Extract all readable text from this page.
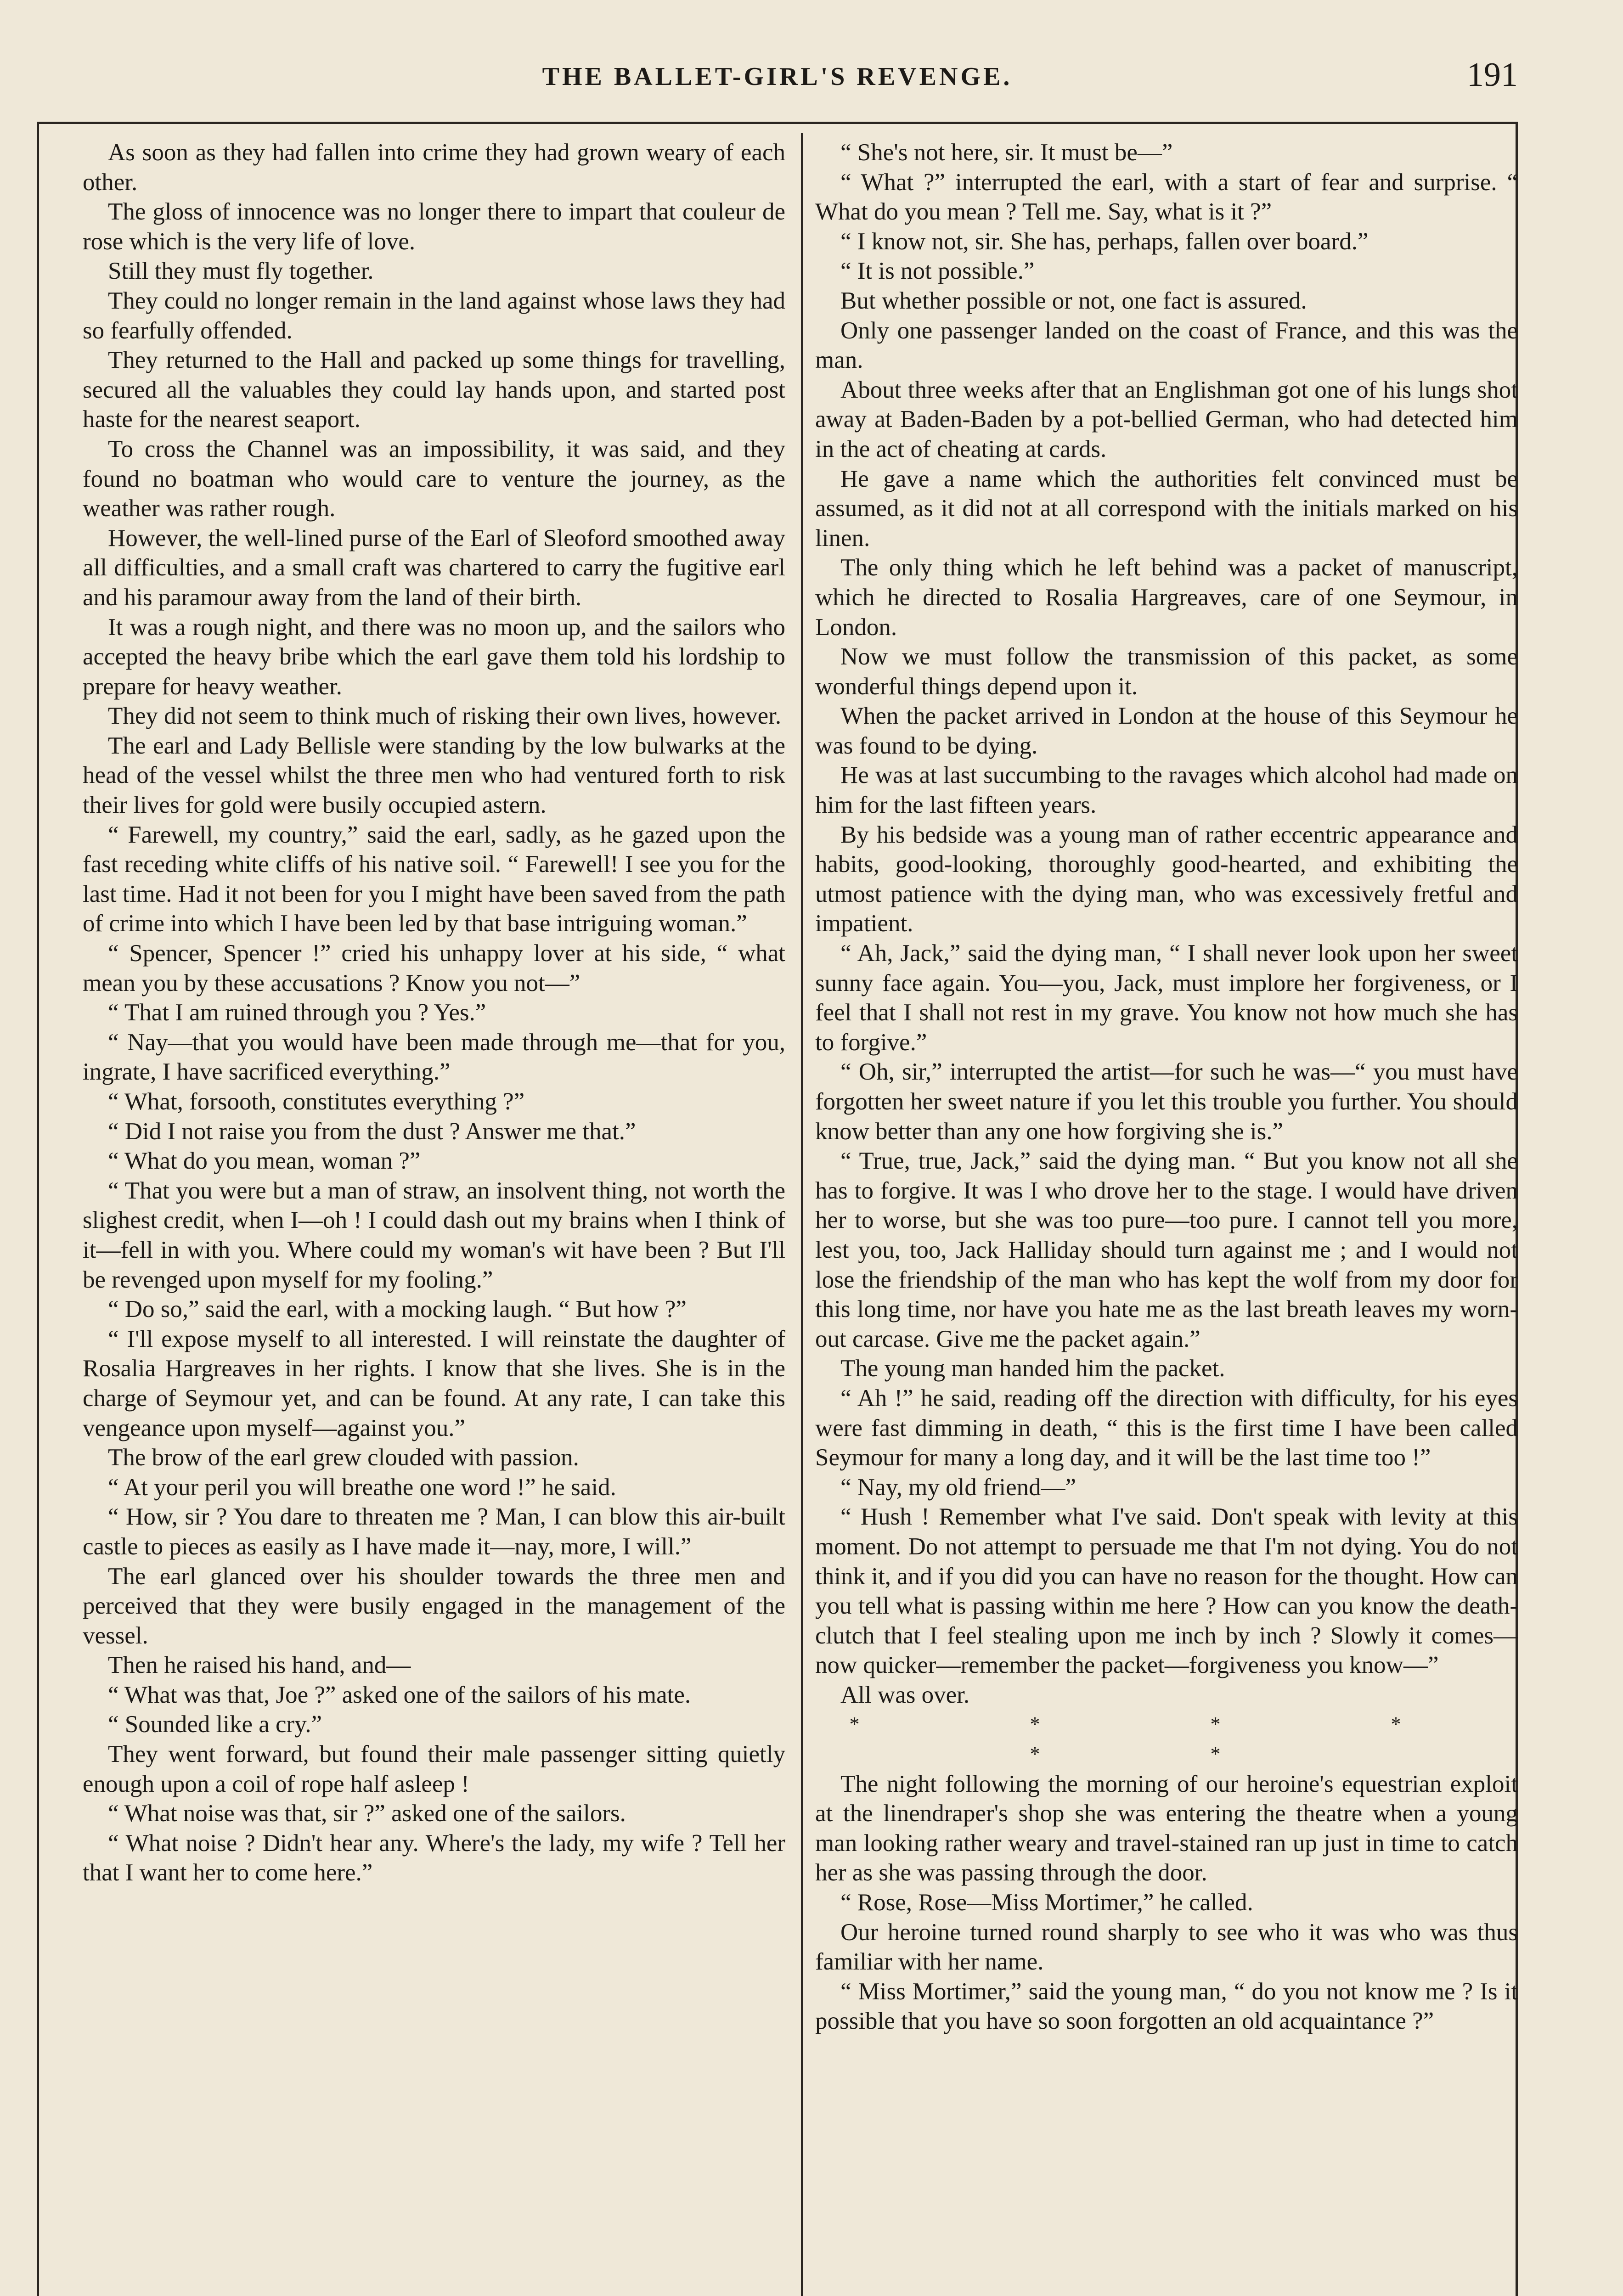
THE BALLET-GIRL'S REVENGE.	191

As soon as they had fallen into crime they had grown weary of each other.

The gloss of innocence was no longer there to impart that couleur de rose which is the very life of love.

Still they must fly together.

They could no longer remain in the land against whose laws they had so fearfully offended.

They returned to the Hall and packed up some things for travelling, secured all the valuables they could lay hands upon, and started post haste for the nearest seaport.

To cross the Channel was an impossibility, it was said, and they found no boatman who would care to venture the journey, as the weather was rather rough.

However, the well-lined purse of the Earl of Sleoford smoothed away all difficulties, and a small craft was chartered to carry the fugitive earl and his paramour away from the land of their birth.

It was a rough night, and there was no moon up, and the sailors who accepted the heavy bribe which the earl gave them told his lordship to prepare for heavy weather.

They did not seem to think much of risking their own lives, however.

The earl and Lady Bellisle were standing by the low bulwarks at the head of the vessel whilst the three men who had ventured forth to risk their lives for gold were busily occupied astern.

“ Farewell, my country,” said the earl, sadly, as he gazed upon the fast receding white cliffs of his native soil. “ Farewell! I see you for the last time. Had it not been for you I might have been saved from the path of crime into which I have been led by that base intriguing woman.”

“ Spencer, Spencer !” cried his unhappy lover at his side, “ what mean you by these accusations ? Know you not—”

“ That I am ruined through you ? Yes.”

“ Nay—that you would have been made through me—that for you, ingrate, I have sacrificed everything.”

“ What, forsooth, constitutes everything ?”

“ Did I not raise you from the dust ? Answer me that.”

“ What do you mean, woman ?”

“ That you were but a man of straw, an insolvent thing, not worth the slighest credit, when I—oh ! I could dash out my brains when I think of it—fell in with you. Where could my woman's wit have been ? But I'll be revenged upon myself for my fooling.”

“ Do so,” said the earl, with a mocking laugh. “ But how ?”

“ I'll expose myself to all interested. I will reinstate the daughter of Rosalia Hargreaves in her rights. I know that she lives. She is in the charge of Seymour yet, and can be found. At any rate, I can take this vengeance upon myself—against you.”

The brow of the earl grew clouded with passion.

“ At your peril you will breathe one word !” he said.

“ How, sir ? You dare to threaten me ? Man, I can blow this air-built castle to pieces as easily as I have made it—nay, more, I will.”

The earl glanced over his shoulder towards the three men and perceived that they were busily engaged in the management of the vessel.

Then he raised his hand, and—

“ What was that, Joe ?” asked one of the sailors of his mate.

“ Sounded like a cry.”

They went forward, but found their male passenger sitting quietly enough upon a coil of rope half asleep !

“ What noise was that, sir ?” asked one of the sailors.

“ What noise ? Didn't hear any. Where's the lady, my wife ? Tell her that I want her to come here.”

“ She's not here, sir. It must be—”

“ What ?” interrupted the earl, with a start of fear and surprise. “ What do you mean ? Tell me. Say, what is it ?”

“ I know not, sir. She has, perhaps, fallen over board.”

“ It is not possible.”

But whether possible or not, one fact is assured.

Only one passenger landed on the coast of France, and this was the man.

About three weeks after that an Englishman got one of his lungs shot away at Baden-Baden by a pot-bellied German, who had detected him in the act of cheating at cards.

He gave a name which the authorities felt convinced must be assumed, as it did not at all correspond with the initials marked on his linen.

The only thing which he left behind was a packet of manuscript, which he directed to Rosalia Hargreaves, care of one Seymour, in London.

Now we must follow the transmission of this packet, as some wonderful things depend upon it.

When the packet arrived in London at the house of this Seymour he was found to be dying.

He was at last succumbing to the ravages which alcohol had made on him for the last fifteen years.

By his bedside was a young man of rather eccentric appearance and habits, good-looking, thoroughly good-hearted, and exhibiting the utmost patience with the dying man, who was excessively fretful and impatient.

“ Ah, Jack,” said the dying man, “ I shall never look upon her sweet sunny face again. You—you, Jack, must implore her forgiveness, or I feel that I shall not rest in my grave. You know not how much she has to forgive.”

“ Oh, sir,” interrupted the artist—for such he was—“ you must have forgotten her sweet nature if you let this trouble you further. You should know better than any one how forgiving she is.”

“ True, true, Jack,” said the dying man. “ But you know not all she has to forgive. It was I who drove her to the stage. I would have driven her to worse, but she was too pure—too pure. I cannot tell you more, lest you, too, Jack Halliday should turn against me ; and I would not lose the friendship of the man who has kept the wolf from my door for this long time, nor have you hate me as the last breath leaves my worn-out carcase. Give me the packet again.”

The young man handed him the packet.

“ Ah !” he said, reading off the direction with difficulty, for his eyes were fast dimming in death, “ this is the first time I have been called Seymour for many a long day, and it will be the last time too !”

“ Nay, my old friend—”

“ Hush ! Remember what I've said. Don't speak with levity at this moment. Do not attempt to persuade me that I'm not dying. You do not think it, and if you did you can have no reason for the thought. How can you tell what is passing within me here ? How can you know the death-clutch that I feel stealing upon me inch by inch ? Slowly it comes—now quicker—remember the packet—forgiveness you know—”

All was over.

* * * * * *

The night following the morning of our heroine's equestrian exploit at the linendraper's shop she was entering the theatre when a young man looking rather weary and travel-stained ran up just in time to catch her as she was passing through the door.

“ Rose, Rose—Miss Mortimer,” he called.

Our heroine turned round sharply to see who it was who was thus familiar with her name.

“ Miss Mortimer,” said the young man, “ do you not know me ? Is it possible that you have so soon forgotten an old acquaintance ?”
